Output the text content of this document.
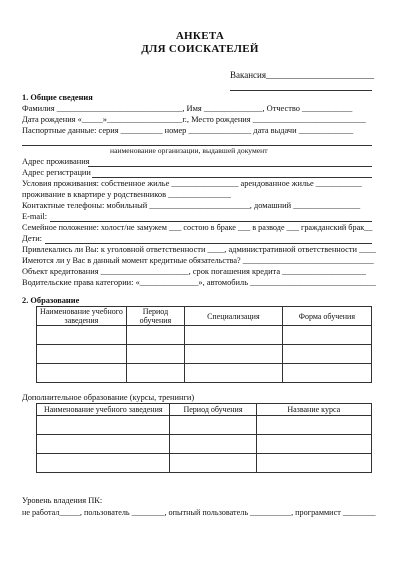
АНКЕТА
ДЛЯ СОИСКАТЕЛЕЙ
Вакансия________________________
1. Общие сведения
Фамилия ______________________________, Имя ______________, Отчество ____________
Дата рождения «_____»__________________г., Место рождения ___________________________
Паспортные данные: серия __________ номер _______________ дата выдачи _____________
наименование организации, выдавшей документ
Адрес проживания
Адрес регистрации
Условия проживания: собственное жилье ________________ арендованное жилье ___________
проживание в квартире у родственников _______________
Контактные телефоны: мобильный ________________________, домашний ________________
E-mail:
Семейное положение: холост/не замужем ___ состою в браке ___ в разводе ___ гражданский брак__
Дети:
Привлекались ли Вы: к уголовной ответственности ____, административной ответственности ____
Имеются ли у Вас в данный момент кредитные обязательства? ________________________________
Объект кредитования _____________________, срок погашения кредита ____________________
Водительские права категории: «______________», автомобиль ______________________________
2. Образование
Наименование учебного заведения	Период обучения	Специализация	Форма обучения

Дополнительное образование (курсы, тренинги)
Наименование учебного заведения	Период обучения	Название курса

Уровень владения ПК:
не работал_____, пользователь ________, опытный пользователь __________, программист ________
